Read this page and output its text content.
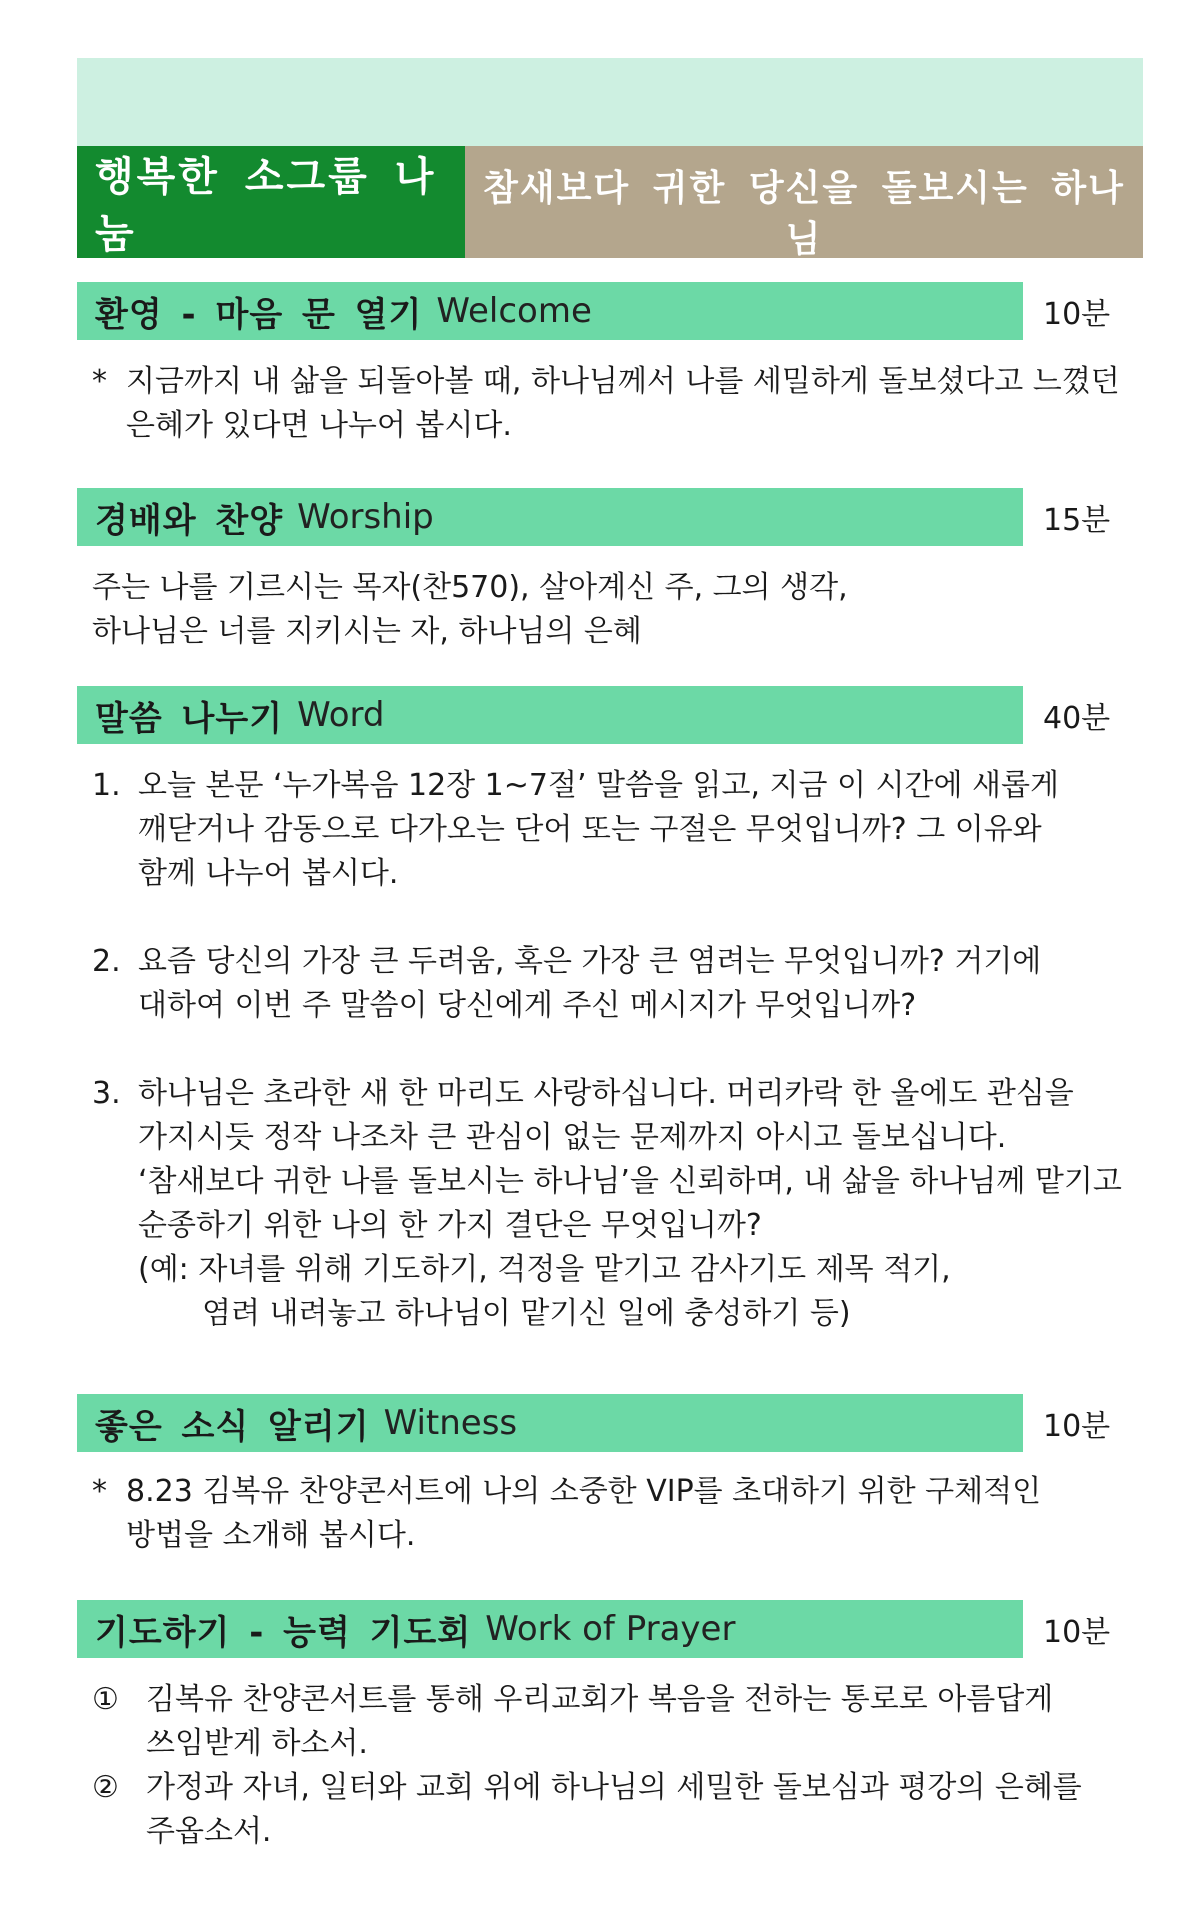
행복한 소그룹 나눔
참새보다 귀한 당신을 돌보시는 하나님
환영 - 마음 문 열기 Welcome	10분
* 지금까지 내 삶을 되돌아볼 때, 하나님께서 나를 세밀하게 돌보셨다고 느꼈던

은혜가 있다면 나누어 봅시다.

경배와 찬양 Worship	15분

주는 나를 기르시는 목자(찬570), 살아계신 주, 그의 생각,

하나님은 너를 지키시는 자, 하나님의 은혜

말씀 나누기 Word	40분
1. 오늘 본문 ‘누가복음 12장 1~7절’ 말씀을 읽고, 지금 이 시간에 새롭게

깨닫거나 감동으로 다가오는 단어 또는 구절은 무엇입니까? 그 이유와

함께 나누어 봅시다.

2. 요즘 당신의 가장 큰 두려움, 혹은 가장 큰 염려는 무엇입니까? 거기에

대하여 이번 주 말씀이 당신에게 주신 메시지가 무엇입니까?

3. 하나님은 초라한 새 한 마리도 사랑하십니다. 머리카락 한 올에도 관심을

가지시듯 정작 나조차 큰 관심이 없는 문제까지 아시고 돌보십니다.

‘참새보다 귀한 나를 돌보시는 하나님’을 신뢰하며, 내 삶을 하나님께 맡기고

순종하기 위한 나의 한 가지 결단은 무엇입니까?

(예: 자녀를 위해 기도하기, 걱정을 맡기고 감사기도 제목 적기,

염려 내려놓고 하나님이 맡기신 일에 충성하기 등)

좋은 소식 알리기 Witness	10분
* 8.23 김복유 찬양콘서트에 나의 소중한 VIP를 초대하기 위한 구체적인

방법을 소개해 봅시다.

기도하기 - 능력 기도회 Work of Prayer	10분
① 김복유 찬양콘서트를 통해 우리교회가 복음을 전하는 통로로 아름답게

쓰임받게 하소서.

② 가정과 자녀, 일터와 교회 위에 하나님의 세밀한 돌보심과 평강의 은혜를

주옵소서.
